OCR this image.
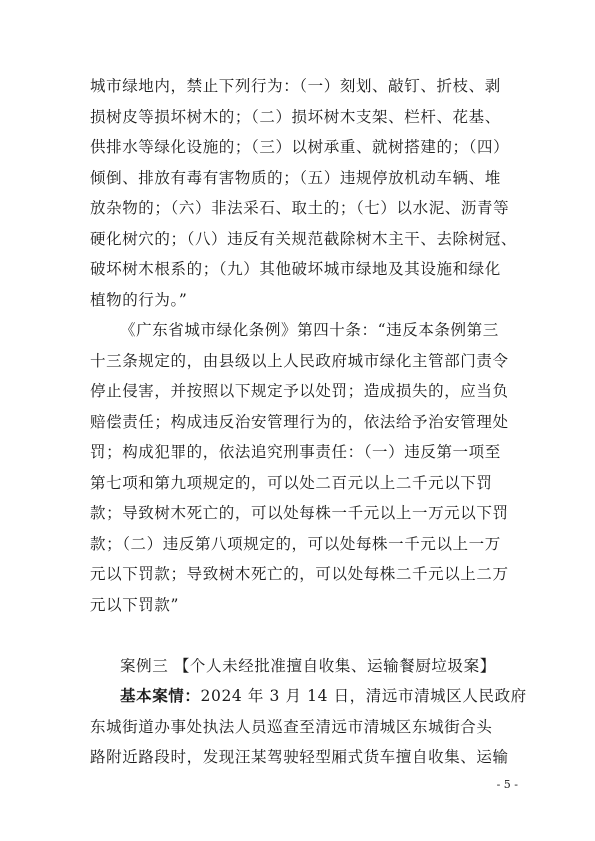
城市绿地内，禁止下列行为：（一）刻划、敲钉、折枝、剥
损树皮等损坏树木的；（二）损坏树木支架、栏杆、花基、
供排水等绿化设施的；（三）以树承重、就树搭建的；（四）
倾倒、排放有毒有害物质的；（五）违规停放机动车辆、堆
放杂物的；（六）非法采石、取土的；（七）以水泥、沥青等
硬化树穴的；（八）违反有关规范截除树木主干、去除树冠、
破坏树木根系的；（九）其他破坏城市绿地及其设施和绿化
植物的行为。”
《广东省城市绿化条例》第四十条：“违反本条例第三
十三条规定的，由县级以上人民政府城市绿化主管部门责令
停止侵害，并按照以下规定予以处罚；造成损失的，应当负
赔偿责任；构成违反治安管理行为的，依法给予治安管理处
罚；构成犯罪的，依法追究刑事责任：（一）违反第一项至
第七项和第九项规定的，可以处二百元以上二千元以下罚
款；导致树木死亡的，可以处每株一千元以上一万元以下罚
款；（二）违反第八项规定的，可以处每株一千元以上一万
元以下罚款；导致树木死亡的，可以处每株二千元以上二万
元以下罚款”
案例三 【个人未经批准擅自收集、运输餐厨垃圾案】
基本案情：2024 年 3 月 14 日，清远市清城区人民政府
东城街道办事处执法人员巡查至清远市清城区东城街合头
路附近路段时，发现汪某驾驶轻型厢式货车擅自收集、运输
- 5 -
